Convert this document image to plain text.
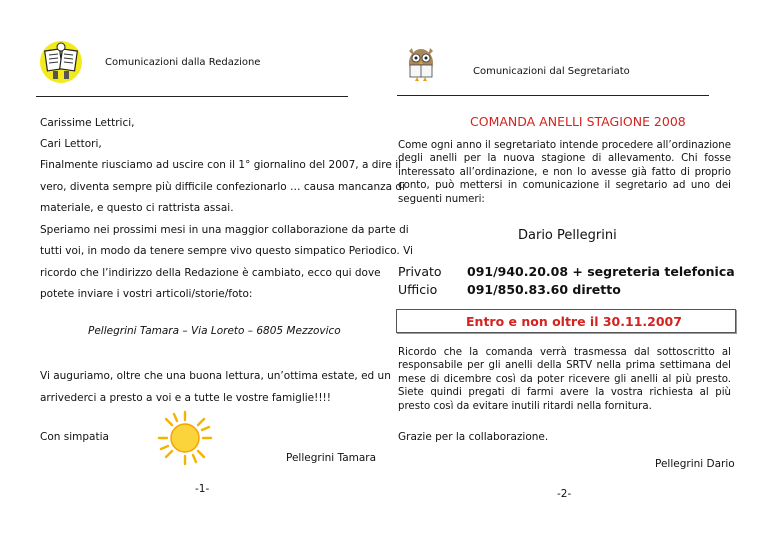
Comunicazioni dalla Redazione
Carissime Lettrici,
Cari Lettori,
Finalmente riusciamo ad uscire con il 1° giornalino del 2007, a dire il
vero, diventa sempre più difficile confezionarlo … causa mancanza di
materiale, e questo ci rattrista assai.
Speriamo nei prossimi mesi in una maggior collaborazione da parte di
tutti voi, in modo da tenere sempre vivo questo simpatico Periodico. Vi
ricordo che l’indirizzo della Redazione è cambiato, ecco qui dove
potete inviare i vostri articoli/storie/foto:
Pellegrini Tamara – Via Loreto – 6805 Mezzovico
Vi auguriamo, oltre che una buona lettura, un’ottima estate, ed un
arrivederci a presto a voi e a tutte le vostre famiglie!!!!
Con simpatia
Pellegrini Tamara
-1-
Comunicazioni dal Segretariato
COMANDA ANELLI STAGIONE 2008
Come ogni anno il segretariato intende procedere all’ordinazione degli anelli per la nuova stagione di allevamento. Chi fosse interessato all’ordinazione, e non lo avesse già fatto di proprio conto, può mettersi in comunicazione il segretario ad uno dei seguenti numeri:
Dario Pellegrini
Privato 091/940.20.08 + segreteria telefonica
Ufficio 091/850.83.60 diretto
Entro e non oltre il 30.11.2007
Ricordo che la comanda verrà trasmessa dal sottoscritto al responsabile per gli anelli della SRTV nella prima settimana del mese di dicembre così da poter ricevere gli anelli al più presto. Siete quindi pregati di farmi avere la vostra richiesta al più presto così da evitare inutili ritardi nella fornitura.
Grazie per la collaborazione.
Pellegrini Dario
-2-
